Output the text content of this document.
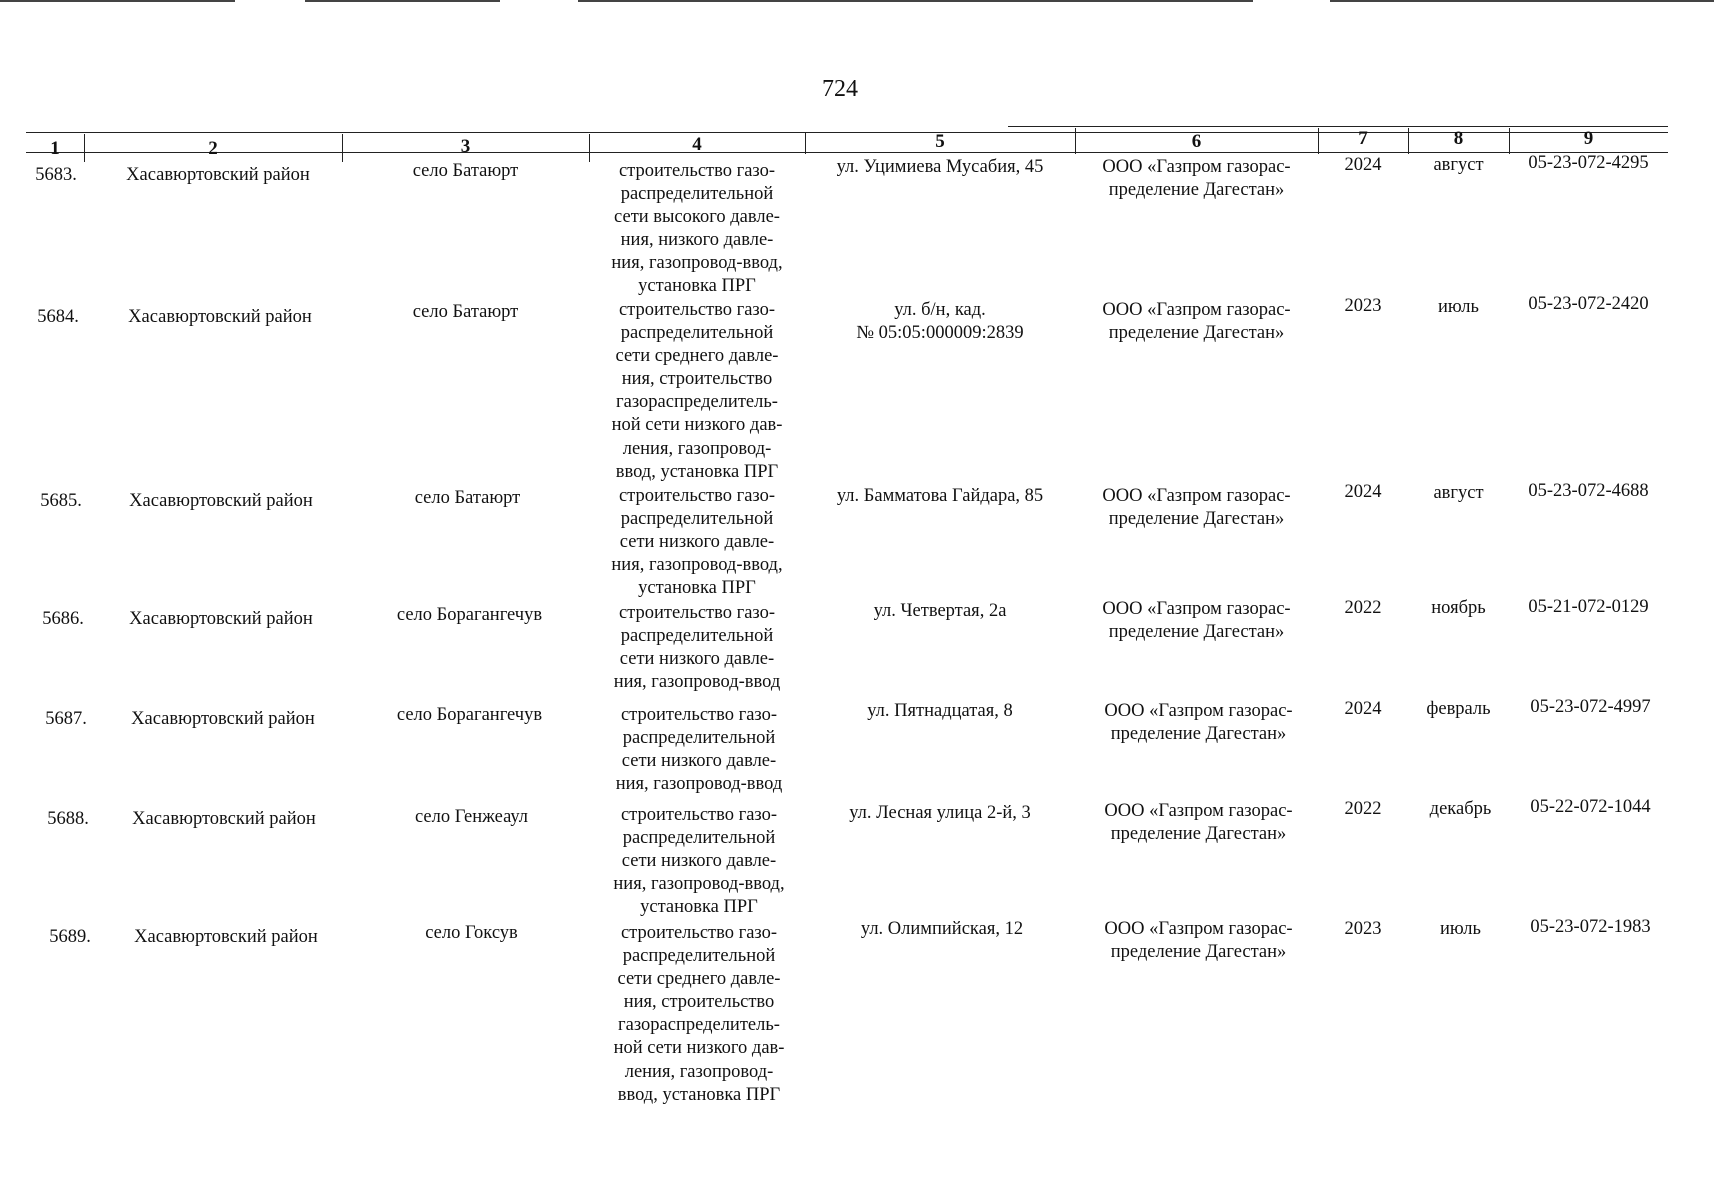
724
1	2	3	4	5	6	7	8	9
5683.	Хасавюртовский район	село Батаюрт	строительство газо-
распределительной
сети высокого давле-
ния, низкого давле-
ния, газопровод-ввод,
установка ПРГ
ул. Уцимиева Мусабия, 45	ООО «Газпром газорас-
пределение Дагестан»
2024	август	05-23-072-4295
5684.	Хасавюртовский район	село Батаюрт	строительство газо-
распределительной
сети среднего давле-
ния, строительство
газораспределитель-
ной сети низкого дав-
ления, газопровод-
ввод, установка ПРГ
ул. б/н, кад.
№ 05:05:000009:2839
ООО «Газпром газорас-
пределение Дагестан»
2023	июль	05-23-072-2420
5685.	Хасавюртовский район	село Батаюрт	строительство газо-
распределительной
сети низкого давле-
ния, газопровод-ввод,
установка ПРГ
ул. Бамматова Гайдара, 85	ООО «Газпром газорас-
пределение Дагестан»
2024	август	05-23-072-4688
5686.	Хасавюртовский район	село Борагангечув	строительство газо-
распределительной
сети низкого давле-
ния, газопровод-ввод
ул. Четвертая, 2а	ООО «Газпром газорас-
пределение Дагестан»
2022	ноябрь	05-21-072-0129
5687.	Хасавюртовский район	село Борагангечув	строительство газо-
распределительной
сети низкого давле-
ния, газопровод-ввод
ул. Пятнадцатая, 8	ООО «Газпром газорас-
пределение Дагестан»
2024	февраль	05-23-072-4997
5688.	Хасавюртовский район	село Генжеаул	строительство газо-
распределительной
сети низкого давле-
ния, газопровод-ввод,
установка ПРГ
ул. Лесная улица 2-й, 3	ООО «Газпром газорас-
пределение Дагестан»
2022	декабрь	05-22-072-1044
5689.	Хасавюртовский район	село Гоксув	строительство газо-
распределительной
сети среднего давле-
ния, строительство
газораспределитель-
ной сети низкого дав-
ления, газопровод-
ввод, установка ПРГ
ул. Олимпийская, 12	ООО «Газпром газорас-
пределение Дагестан»
2023	июль	05-23-072-1983
